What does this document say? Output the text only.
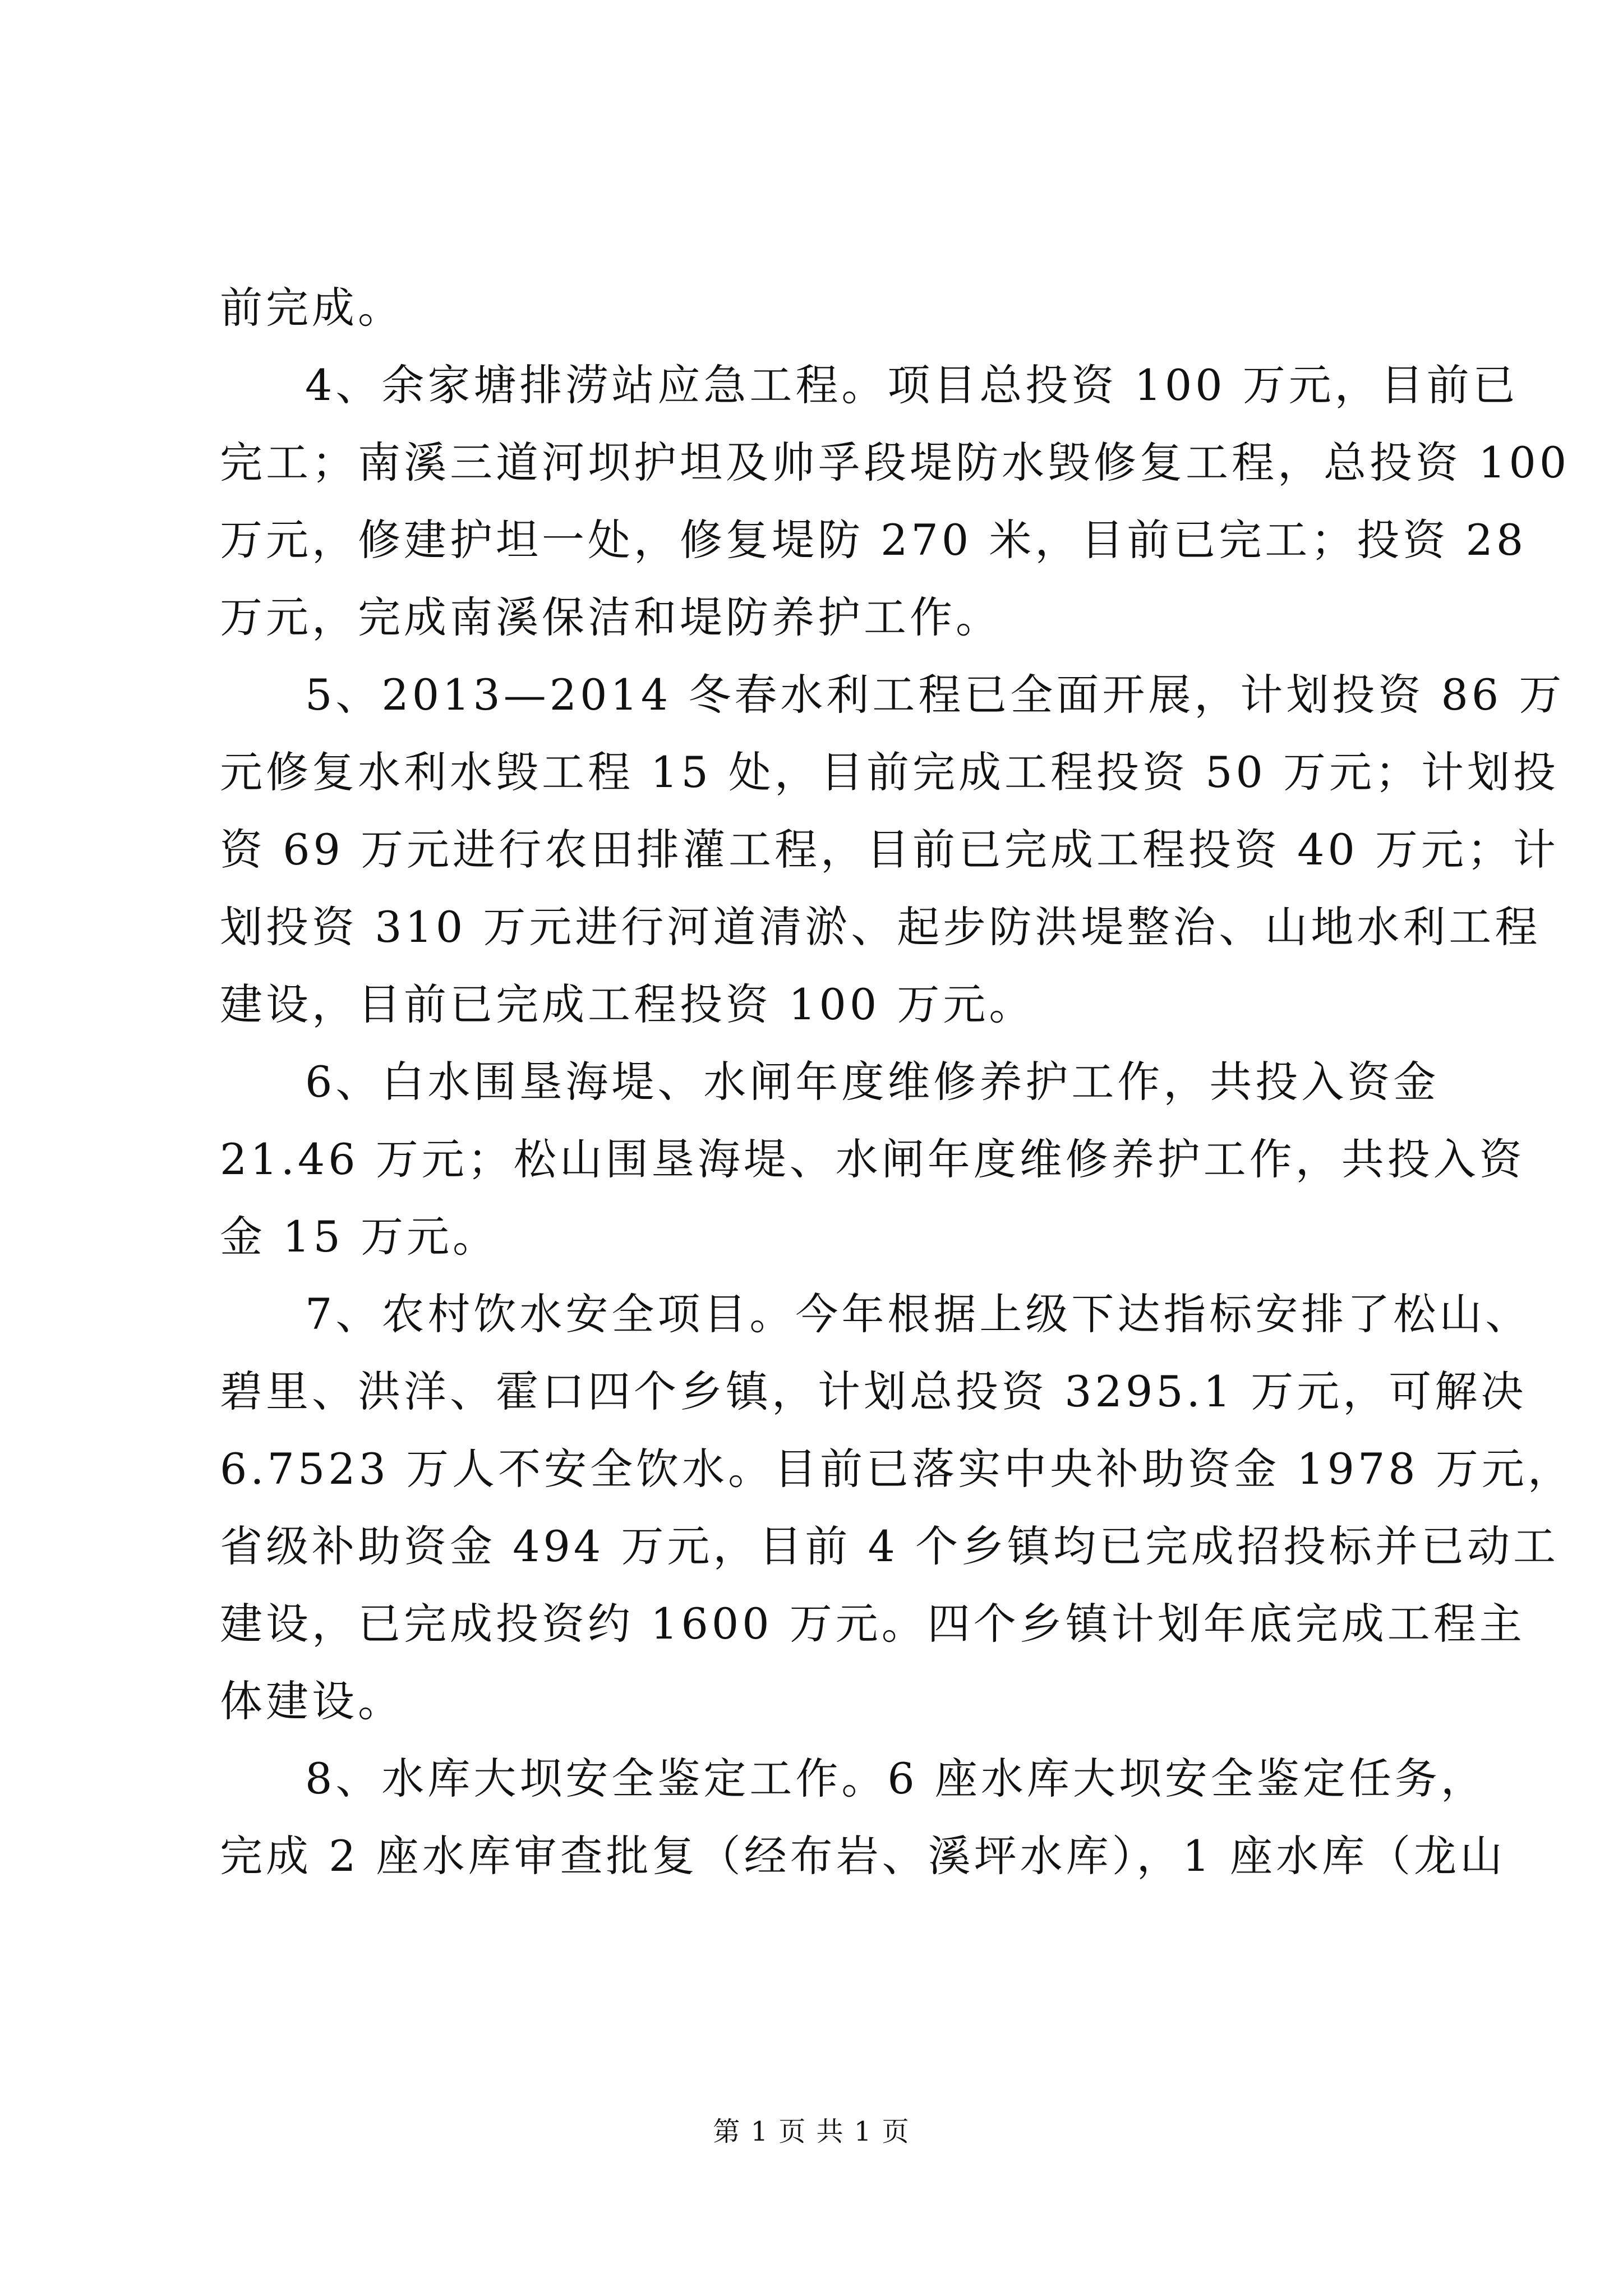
前完成。
4、余家塘排涝站应急工程。项目总投资 100 万元，目前已
完工；南溪三道河坝护坦及帅孚段堤防水毁修复工程，总投资 100
万元，修建护坦一处，修复堤防 270 米，目前已完工；投资 28
万元，完成南溪保洁和堤防养护工作。
5、2013—2014 冬春水利工程已全面开展，计划投资 86 万
元修复水利水毁工程 15 处，目前完成工程投资 50 万元；计划投
资 69 万元进行农田排灌工程，目前已完成工程投资 40 万元；计
划投资 310 万元进行河道清淤、起步防洪堤整治、山地水利工程
建设，目前已完成工程投资 100 万元。
6、白水围垦海堤、水闸年度维修养护工作，共投入资金
21.46 万元；松山围垦海堤、水闸年度维修养护工作，共投入资
金 15 万元。
7、农村饮水安全项目。今年根据上级下达指标安排了松山、
碧里、洪洋、霍口四个乡镇，计划总投资 3295.1 万元，可解决
6.7523 万人不安全饮水。目前已落实中央补助资金 1978 万元，
省级补助资金 494 万元，目前 4 个乡镇均已完成招投标并已动工
建设，已完成投资约 1600 万元。四个乡镇计划年底完成工程主
体建设。
8、水库大坝安全鉴定工作。6 座水库大坝安全鉴定任务，
完成 2 座水库审查批复（经布岩、溪坪水库），1 座水库（龙山
第 1 页 共 1 页
